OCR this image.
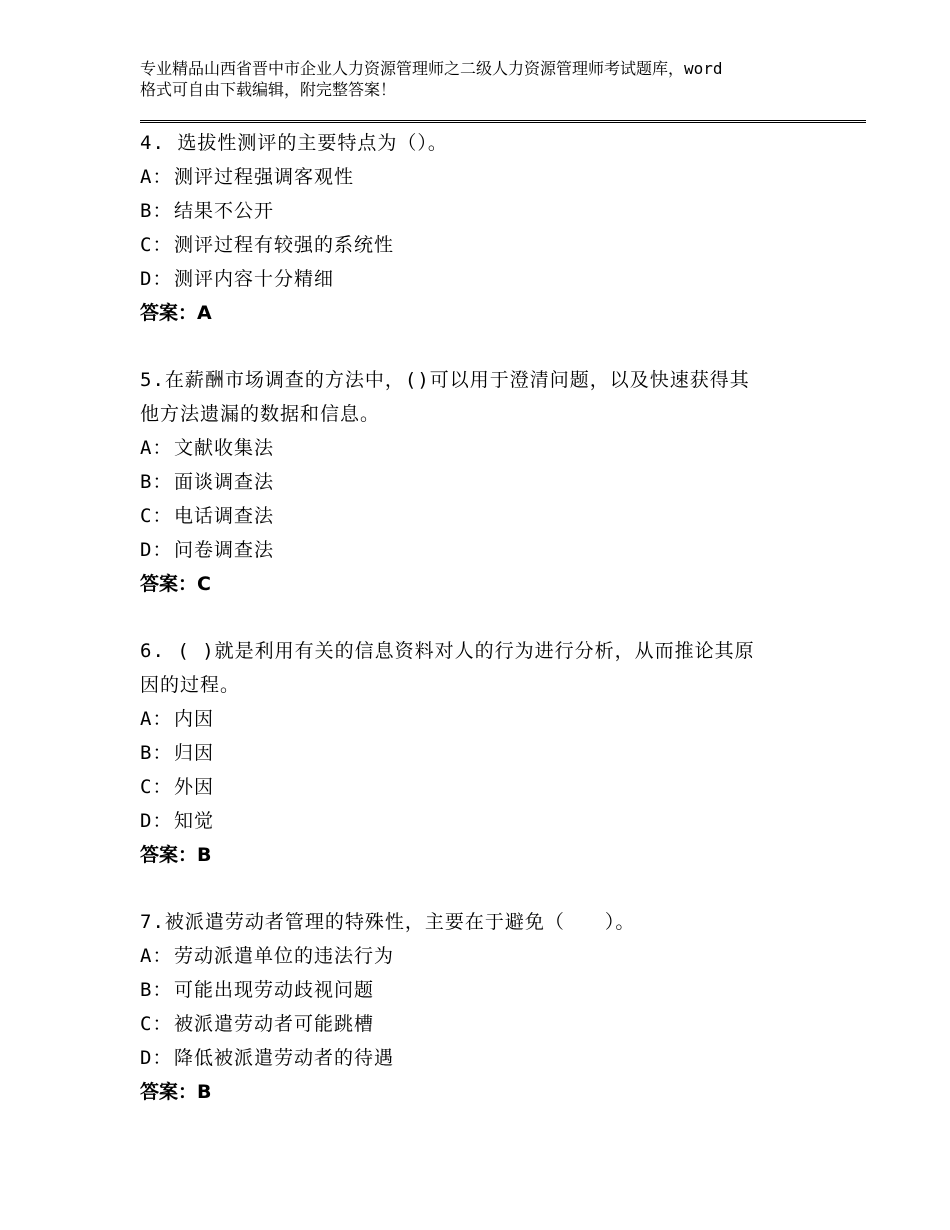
专业精品山西省晋中市企业人力资源管理师之二级人力资源管理师考试题库，word
格式可自由下载编辑，附完整答案！

4. 选拔性测评的主要特点为（）。

A：测评过程强调客观性
B：结果不公开
C：测评过程有较强的系统性
D：测评内容十分精细

答案：A

5.在薪酬市场调查的方法中，()可以用于澄清问题，以及快速获得其
他方法遗漏的数据和信息。

A：文献收集法
B：面谈调查法
C：电话调查法
D：问卷调查法

答案：C

6. ( )就是利用有关的信息资料对人的行为进行分析，从而推论其原
因的过程。

A：内因
B：归因
C：外因
D：知觉

答案：B

7.被派遣劳动者管理的特殊性，主要在于避免（　　）。

A：劳动派遣单位的违法行为
B：可能出现劳动歧视问题
C：被派遣劳动者可能跳槽
D：降低被派遣劳动者的待遇

答案：B
